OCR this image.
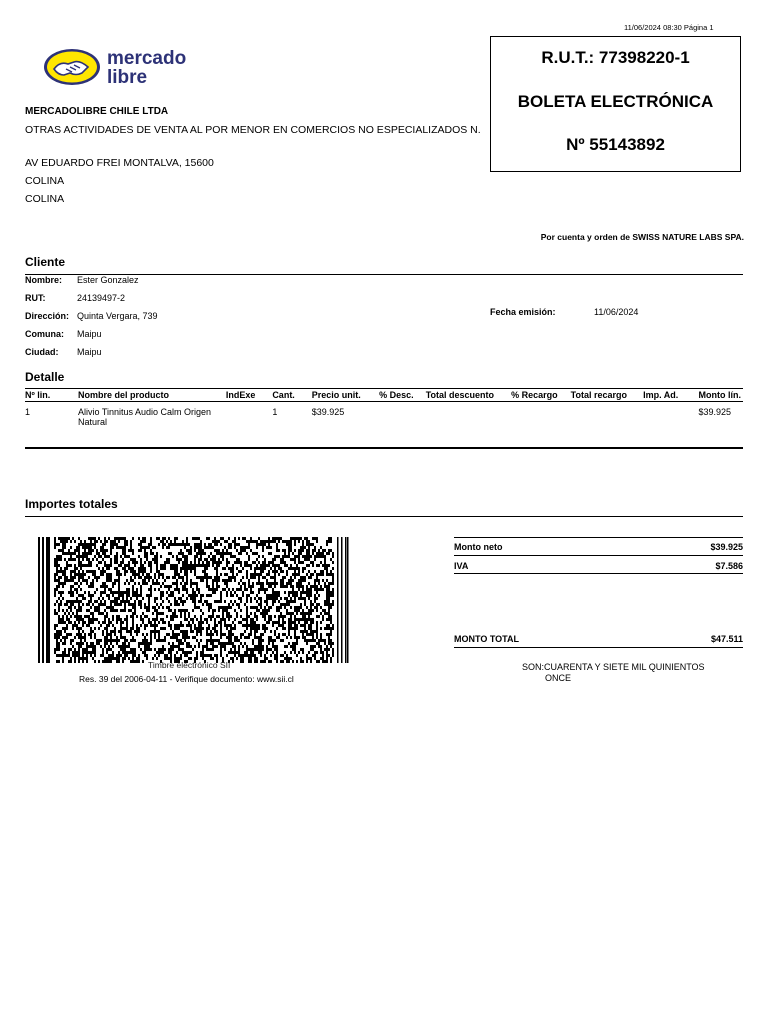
11/06/2024 08:30 Página 1
mercado
libre
R.U.T.: 77398220-1
BOLETA ELECTRÓNICA
Nº 55143892
MERCADOLIBRE CHILE LTDA
OTRAS ACTIVIDADES DE VENTA AL POR MENOR EN COMERCIOS NO ESPECIALIZADOS N.
AV EDUARDO FREI MONTALVA, 15600
COLINA
COLINA
Por cuenta y orden de SWISS NATURE LABS SPA.
Cliente
Nombre: Ester Gonzalez
RUT:	24139497-2
Dirección: Quinta Vergara, 739
Comuna: Maipu
Ciudad: Maipu
Fecha emisión:	11/06/2024
Detalle
Nº lin.	Nombre del producto	IndExe	Cant.	Precio unit.	% Desc.	Total descuento	% Recargo	Total recargo	Imp. Ad.	Monto lín.
1	Alivio Tinnitus Audio Calm Origen Natural		1	$39.925						$39.925
Importes totales
Timbre electrónico SII
Res. 39 del 2006-04-11 - Verifique documento: www.sii.cl
Monto neto	$39.925
IVA	$7.586
MONTO TOTAL	$47.511
SON:CUARENTA Y SIETE MIL QUINIENTOS
ONCE
